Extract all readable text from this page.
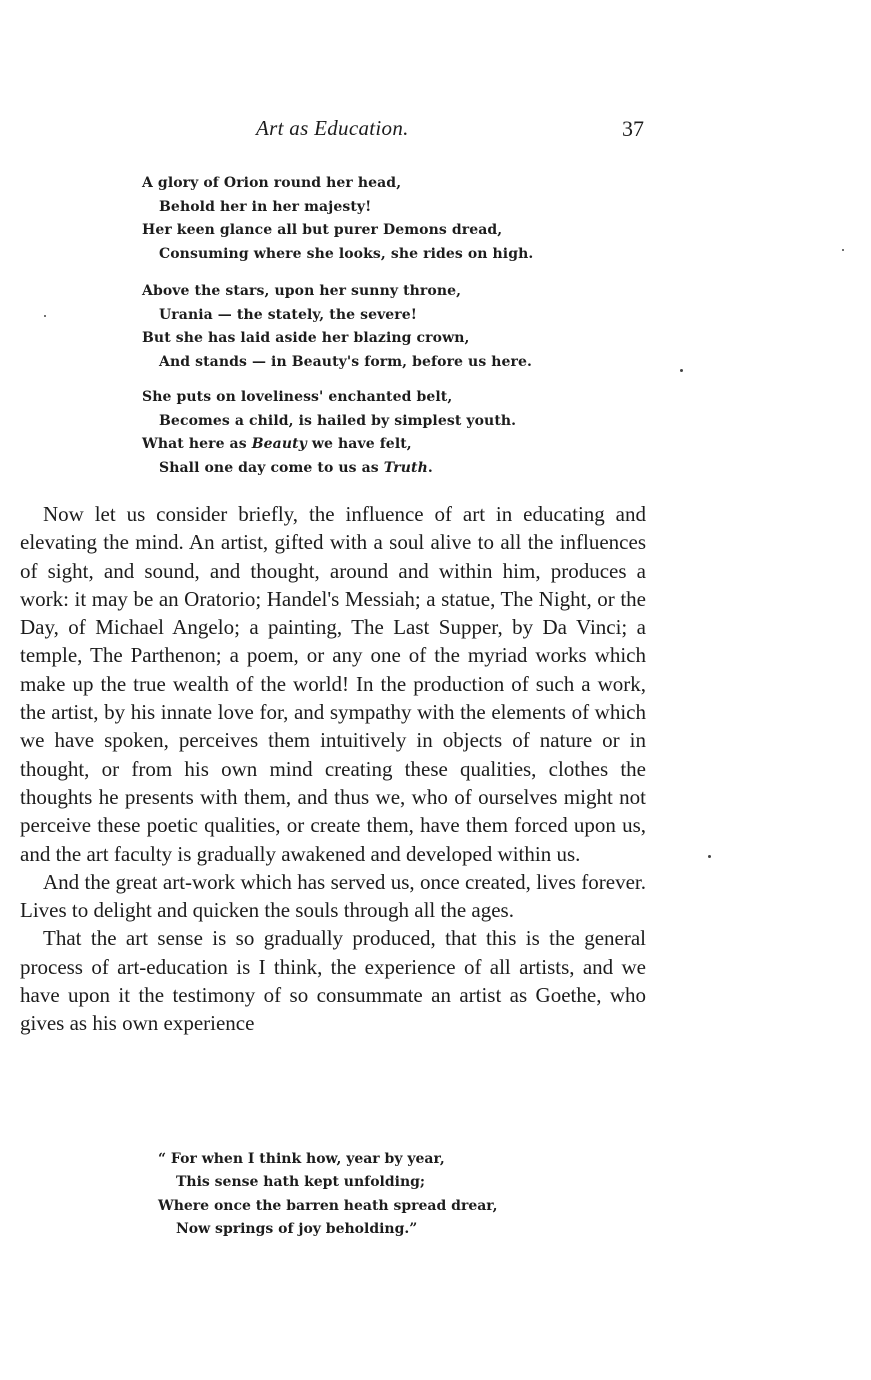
Art as Education.	37
A glory of Orion round her head,
Behold her in her majesty!
Her keen glance all but purer Demons dread,
Consuming where she looks, she rides on high.
Above the stars, upon her sunny throne,
Urania — the stately, the severe!
But she has laid aside her blazing crown,
And stands — in Beauty's form, before us here.
She puts on loveliness' enchanted belt,
Becomes a child, is hailed by simplest youth.
What here as Beauty we have felt,
Shall one day come to us as Truth.

Now let us consider briefly, the influence of art in educating and elevating the mind. An artist, gifted with a soul alive to all the influences of sight, and sound, and thought, around and within him, produces a work: it may be an Oratorio; Handel's Messiah; a statue, The Night, or the Day, of Michael Angelo; a painting, The Last Supper, by Da Vinci; a temple, The Parthenon; a poem, or any one of the myriad works which make up the true wealth of the world! In the production of such a work, the artist, by his innate love for, and sympathy with the elements of which we have spoken, perceives them intuitively in objects of nature or in thought, or from his own mind creating these qualities, clothes the thoughts he presents with them, and thus we, who of ourselves might not perceive these poetic qualities, or create them, have them forced upon us, and the art faculty is gradually awakened and developed within us.

And the great art-work which has served us, once created, lives forever. Lives to delight and quicken the souls through all the ages.

That the art sense is so gradually produced, that this is the general process of art-education is I think, the experience of all artists, and we have upon it the testimony of so consummate an artist as Goethe, who gives as his own experience

“ For when I think how, year by year,
This sense hath kept unfolding;
Where once the barren heath spread drear,
Now springs of joy beholding.”
